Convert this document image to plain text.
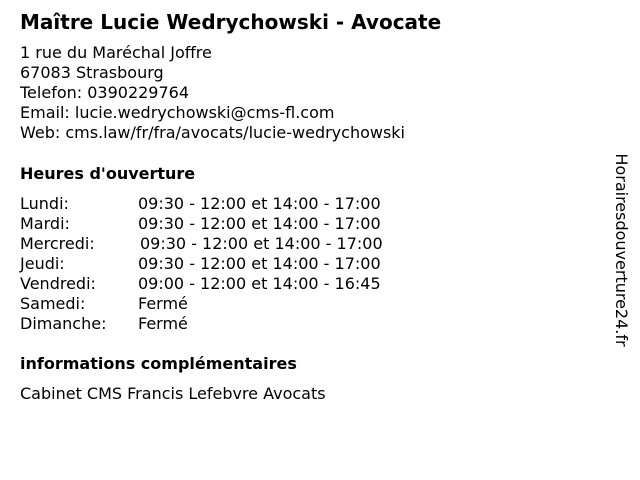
Maître Lucie Wedrychowski - Avocate
1 rue du Maréchal Joffre
67083 Strasbourg
Telefon: 0390229764
Email: lucie.wedrychowski@cms-fl.com
Web: cms.law/fr/fra/avocats/lucie-wedrychowski
Heures d'ouverture
Lundi:	09:30 - 12:00 et 14:00 - 17:00
Mardi:	09:30 - 12:00 et 14:00 - 17:00
Mercredi:	09:30 - 12:00 et 14:00 - 17:00
Jeudi:	09:30 - 12:00 et 14:00 - 17:00
Vendredi:	09:00 - 12:00 et 14:00 - 16:45
Samedi:	Fermé
Dimanche: Fermé
informations complémentaires
Cabinet CMS Francis Lefebvre Avocats
Horairesdouverture24.fr
